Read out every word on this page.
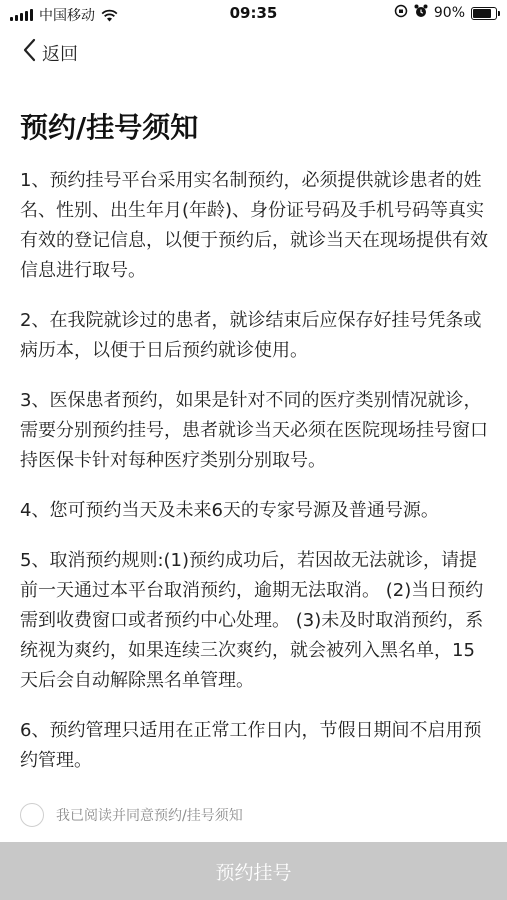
中国移动	09:35	90%
返回
预约/挂号须知

1、预约挂号平台采用实名制预约，必须提供就诊患者的姓名、性别、出生年月(年龄)、身份证号码及手机号码等真实有效的登记信息，以便于预约后，就诊当天在现场提供有效信息进行取号。

2、在我院就诊过的患者，就诊结束后应保存好挂号凭条或病历本，以便于日后预约就诊使用。

3、医保患者预约，如果是针对不同的医疗类别情况就诊，需要分别预约挂号，患者就诊当天必须在医院现场挂号窗口持医保卡针对每种医疗类别分别取号。

4、您可预约当天及未来6天的专家号源及普通号源。

5、取消预约规则:(1)预约成功后，若因故无法就诊，请提前一天通过本平台取消预约，逾期无法取消。 (2)当日预约需到收费窗口或者预约中心处理。 (3)未及时取消预约，系统视为爽约，如果连续三次爽约，就会被列入黑名单，15天后会自动解除黑名单管理。

6、预约管理只适用在正常工作日内，节假日期间不启用预约管理。

我已阅读并同意预约/挂号须知
预约挂号
